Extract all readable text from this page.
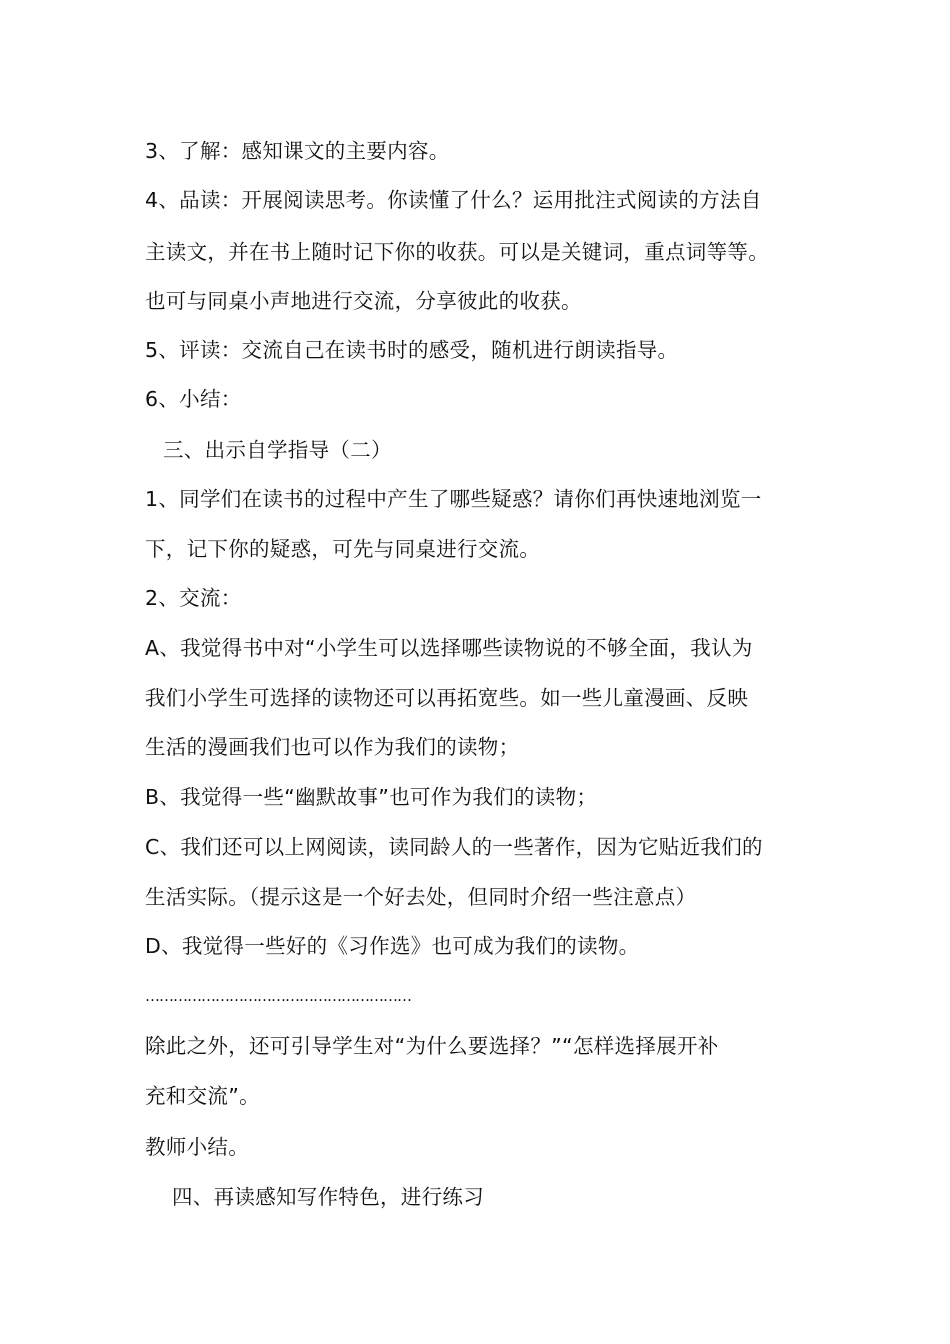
3、了解：感知课文的主要内容。
4、品读：开展阅读思考。你读懂了什么？运用批注式阅读的方法自
主读文，并在书上随时记下你的收获。可以是关键词，重点词等等。
也可与同桌小声地进行交流，分享彼此的收获。
5、评读：交流自己在读书时的感受，随机进行朗读指导。
6、小结：
三、出示自学指导（二）
1、同学们在读书的过程中产生了哪些疑惑？请你们再快速地浏览一
下，记下你的疑惑，可先与同桌进行交流。
2、交流：
A、我觉得书中对“小学生可以选择哪些读物说的不够全面，我认为
我们小学生可选择的读物还可以再拓宽些。如一些儿童漫画、反映
生活的漫画我们也可以作为我们的读物；
B、我觉得一些“幽默故事”也可作为我们的读物；
C、我们还可以上网阅读，读同龄人的一些著作，因为它贴近我们的
生活实际。（提示这是一个好去处，但同时介绍一些注意点）
D、我觉得一些好的《习作选》也可成为我们的读物。
…………………………………………………
除此之外，还可引导学生对“为什么要选择？”“怎样选择展开补
充和交流”。
教师小结。
四、再读感知写作特色，进行练习
